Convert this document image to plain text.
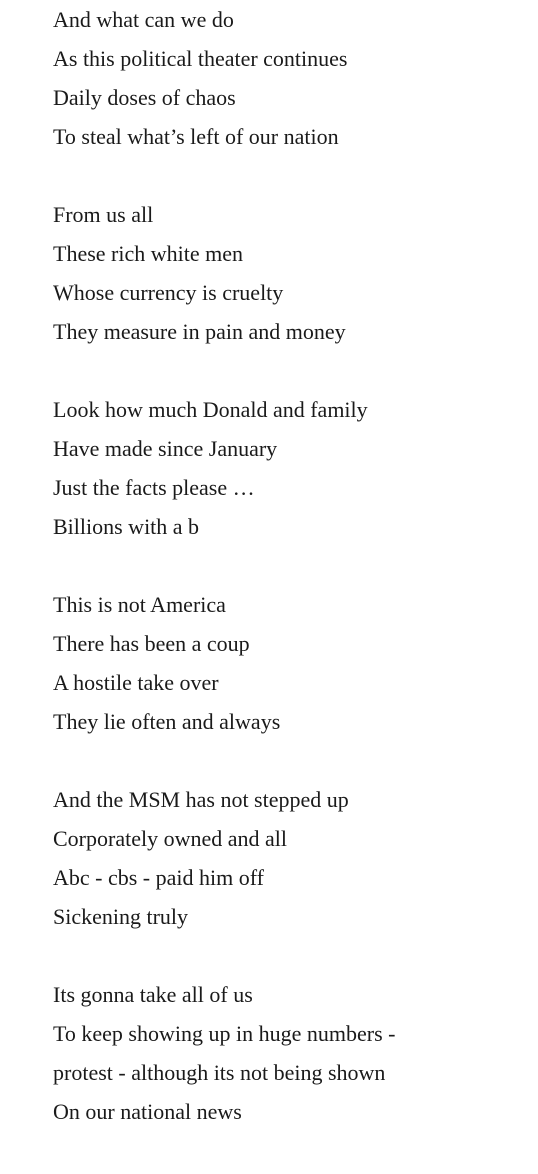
And what can we do
As this political theater continues
Daily doses of chaos
To steal what’s left of our nation
From us all
These rich white men
Whose currency is cruelty
They measure in pain and money
Look how much Donald and family
Have made since January
Just the facts please …
Billions with a b
This is not America
There has been a coup
A hostile take over
They lie often and always
And the MSM has not stepped up
Corporately owned and all
Abc - cbs - paid him off
Sickening truly
Its gonna take all of us
To keep showing up in huge numbers -
protest - although its not being shown
On our national news
